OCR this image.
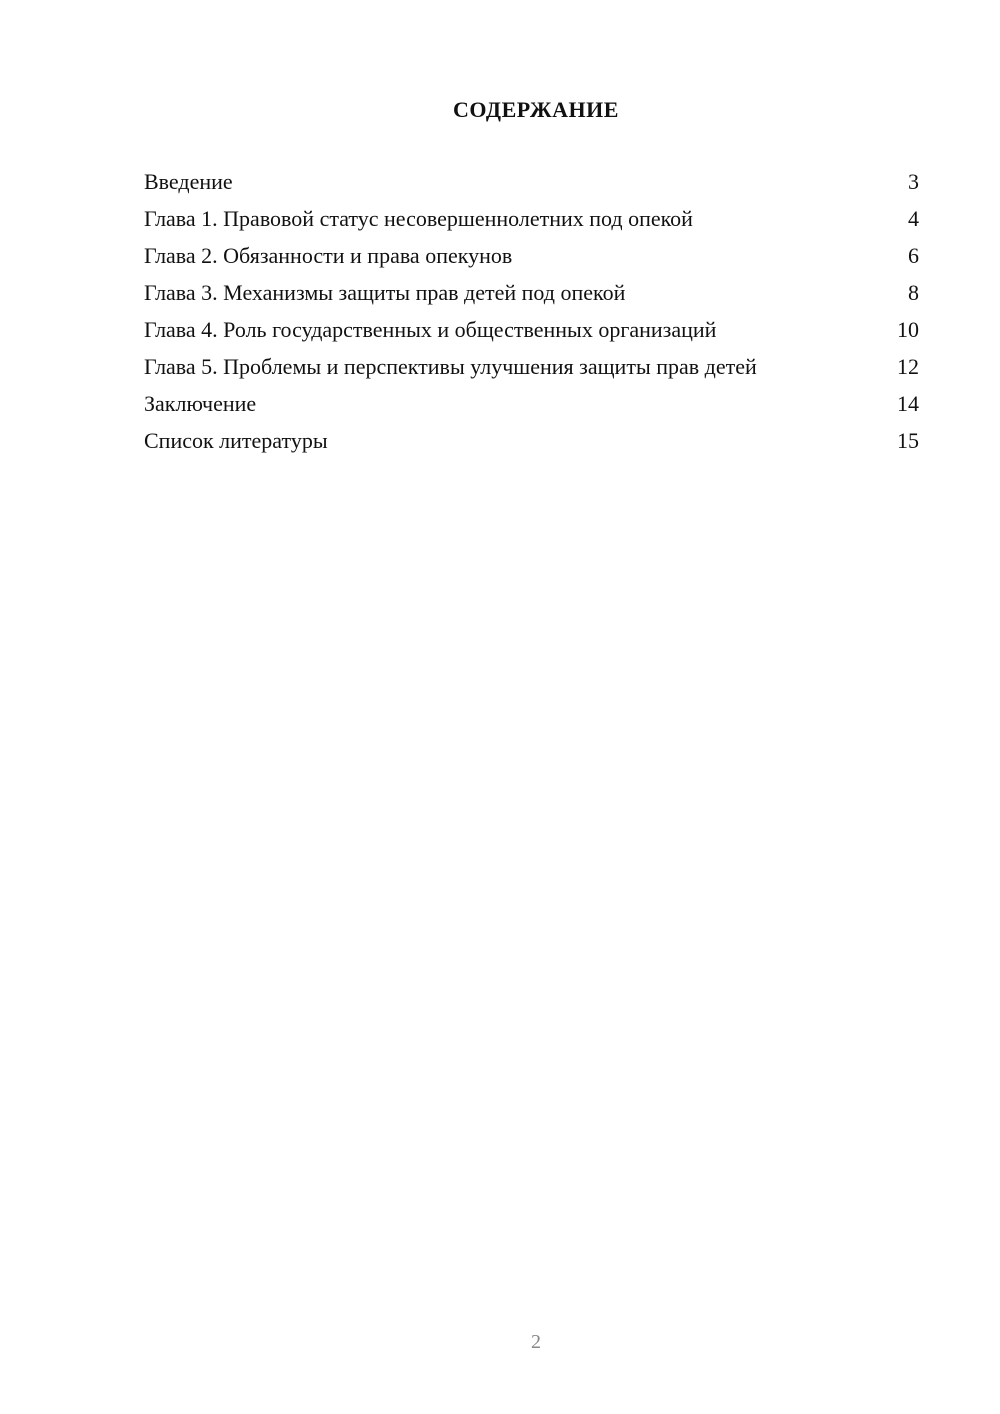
СОДЕРЖАНИЕ
Введение	3
Глава 1. Правовой статус несовершеннолетних под опекой	4
Глава 2. Обязанности и права опекунов	6
Глава 3. Механизмы защиты прав детей под опекой	8
Глава 4. Роль государственных и общественных организаций	10
Глава 5. Проблемы и перспективы улучшения защиты прав детей	12
Заключение	14
Список литературы	15
2
